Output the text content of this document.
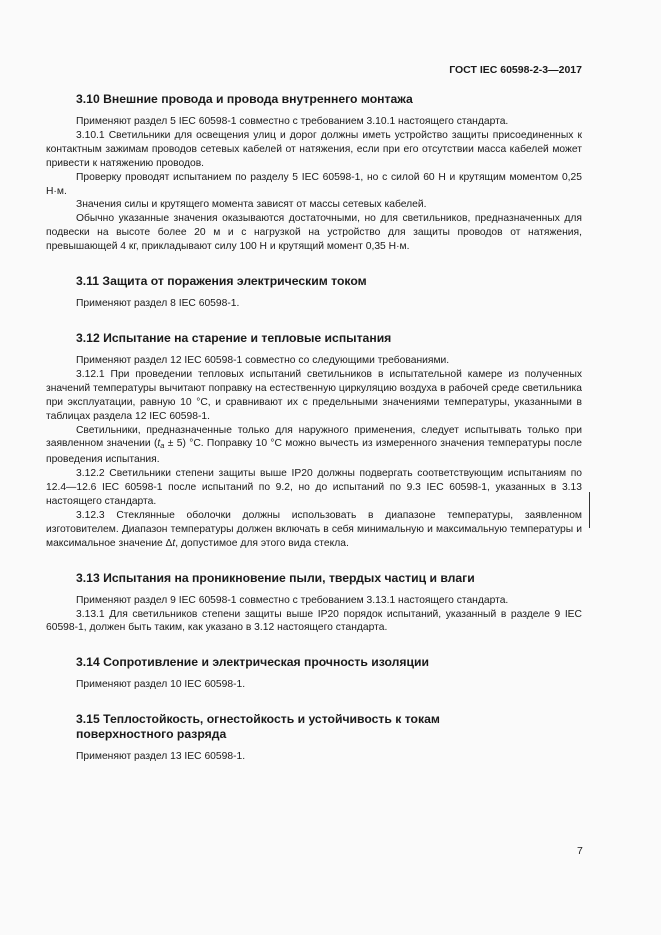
ГОСТ IEC 60598-2-3—2017
3.10 Внешние провода и провода внутреннего монтажа

Применяют раздел 5 IEC 60598-1 совместно с требованием 3.10.1 настоящего стандарта.

3.10.1 Светильники для освещения улиц и дорог должны иметь устройство защиты присоединенных к контактным зажимам проводов сетевых кабелей от натяжения, если при его отсутствии масса кабелей может привести к натяжению проводов.

Проверку проводят испытанием по разделу 5 IEC 60598-1, но с силой 60 Н и крутящим моментом 0,25 Н·м.

Значения силы и крутящего момента зависят от массы сетевых кабелей.

Обычно указанные значения оказываются достаточными, но для светильников, предназначенных для подвески на высоте более 20 м и с нагрузкой на устройство для защиты проводов от натяжения, превышающей 4 кг, прикладывают силу 100 Н и крутящий момент 0,35 Н·м.

3.11 Защита от поражения электрическим током

Применяют раздел 8 IEC 60598-1.

3.12 Испытание на старение и тепловые испытания

Применяют раздел 12 IEC 60598-1 совместно со следующими требованиями.

3.12.1 При проведении тепловых испытаний светильников в испытательной камере из полученных значений температуры вычитают поправку на естественную циркуляцию воздуха в рабочей среде светильника при эксплуатации, равную 10 °С, и сравнивают их с предельными значениями температуры, указанными в таблицах раздела 12 IEC 60598-1.

Светильники, предназначенные только для наружного применения, следует испытывать только при заявленном значении $(t_a \pm 5)$ °С. Поправку 10 °С можно вычесть из измеренного значения температуры после проведения испытания.

3.12.2 Светильники степени защиты выше IP20 должны подвергать соответствующим испытаниям по 12.4—12.6 IEC 60598-1 после испытаний по 9.2, но до испытаний по 9.3 IEC 60598-1, указанных в 3.13 настоящего стандарта.

3.12.3 Стеклянные оболочки должны использовать в диапазоне температуры, заявленном изготовителем. Диапазон температуры должен включать в себя минимальную и максимальную температуры и максимальное значение Δt, допустимое для этого вида стекла.

3.13 Испытания на проникновение пыли, твердых частиц и влаги

Применяют раздел 9 IEC 60598-1 совместно с требованием 3.13.1 настоящего стандарта.

3.13.1 Для светильников степени защиты выше IP20 порядок испытаний, указанный в разделе 9 IEC 60598-1, должен быть таким, как указано в 3.12 настоящего стандарта.

3.14 Сопротивление и электрическая прочность изоляции

Применяют раздел 10 IEC 60598-1.

3.15 Теплостойкость, огнестойкость и устойчивость к токам
поверхностного разряда

Применяют раздел 13 IEC 60598-1.

7
